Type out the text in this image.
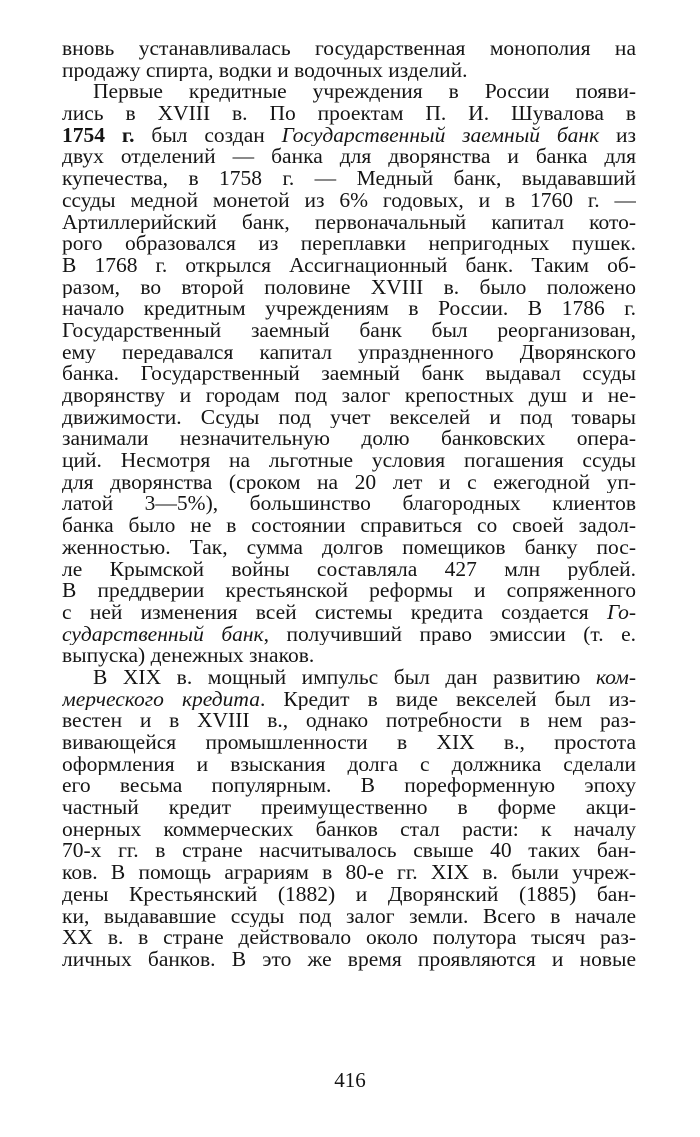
вновь устанавливалась государственная монополия на
продажу спирта, водки и водочных изделий.
Первые кредитные учреждения в России появи-
лись в XVIII в. По проектам П. И. Шувалова в
1754 г. был создан Государственный заемный банк из
двух отделений — банка для дворянства и банка для
купечества, в 1758 г. — Медный банк, выдававший
ссуды медной монетой из 6% годовых, и в 1760 г. —
Артиллерийский банк, первоначальный капитал кото-
рого образовался из переплавки непригодных пушек.
В 1768 г. открылся Ассигнационный банк. Таким об-
разом, во второй половине XVIII в. было положено
начало кредитным учреждениям в России. В 1786 г.
Государственный заемный банк был реорганизован,
ему передавался капитал упраздненного Дворянского
банка. Государственный заемный банк выдавал ссуды
дворянству и городам под залог крепостных душ и не-
движимости. Ссуды под учет векселей и под товары
занимали незначительную долю банковских опера-
ций. Несмотря на льготные условия погашения ссуды
для дворянства (сроком на 20 лет и с ежегодной уп-
латой 3—5%), большинство благородных клиентов
банка было не в состоянии справиться со своей задол-
женностью. Так, сумма долгов помещиков банку пос-
ле Крымской войны составляла 427 млн рублей.
В преддверии крестьянской реформы и сопряженного
с ней изменения всей системы кредита создается Го-
сударственный банк, получивший право эмиссии (т. е.
выпуска) денежных знаков.
В XIX в. мощный импульс был дан развитию ком-
мерческого кредита. Кредит в виде векселей был из-
вестен и в XVIII в., однако потребности в нем раз-
вивающейся промышленности в XIX в., простота
оформления и взыскания долга с должника сделали
его весьма популярным. В пореформенную эпоху
частный кредит преимущественно в форме акци-
онерных коммерческих банков стал расти: к началу
70-х гг. в стране насчитывалось свыше 40 таких бан-
ков. В помощь аграриям в 80-е гг. XIX в. были учреж-
дены Крестьянский (1882) и Дворянский (1885) бан-
ки, выдававшие ссуды под залог земли. Всего в начале
XX в. в стране действовало около полутора тысяч раз-
личных банков. В это же время проявляются и новые
416
